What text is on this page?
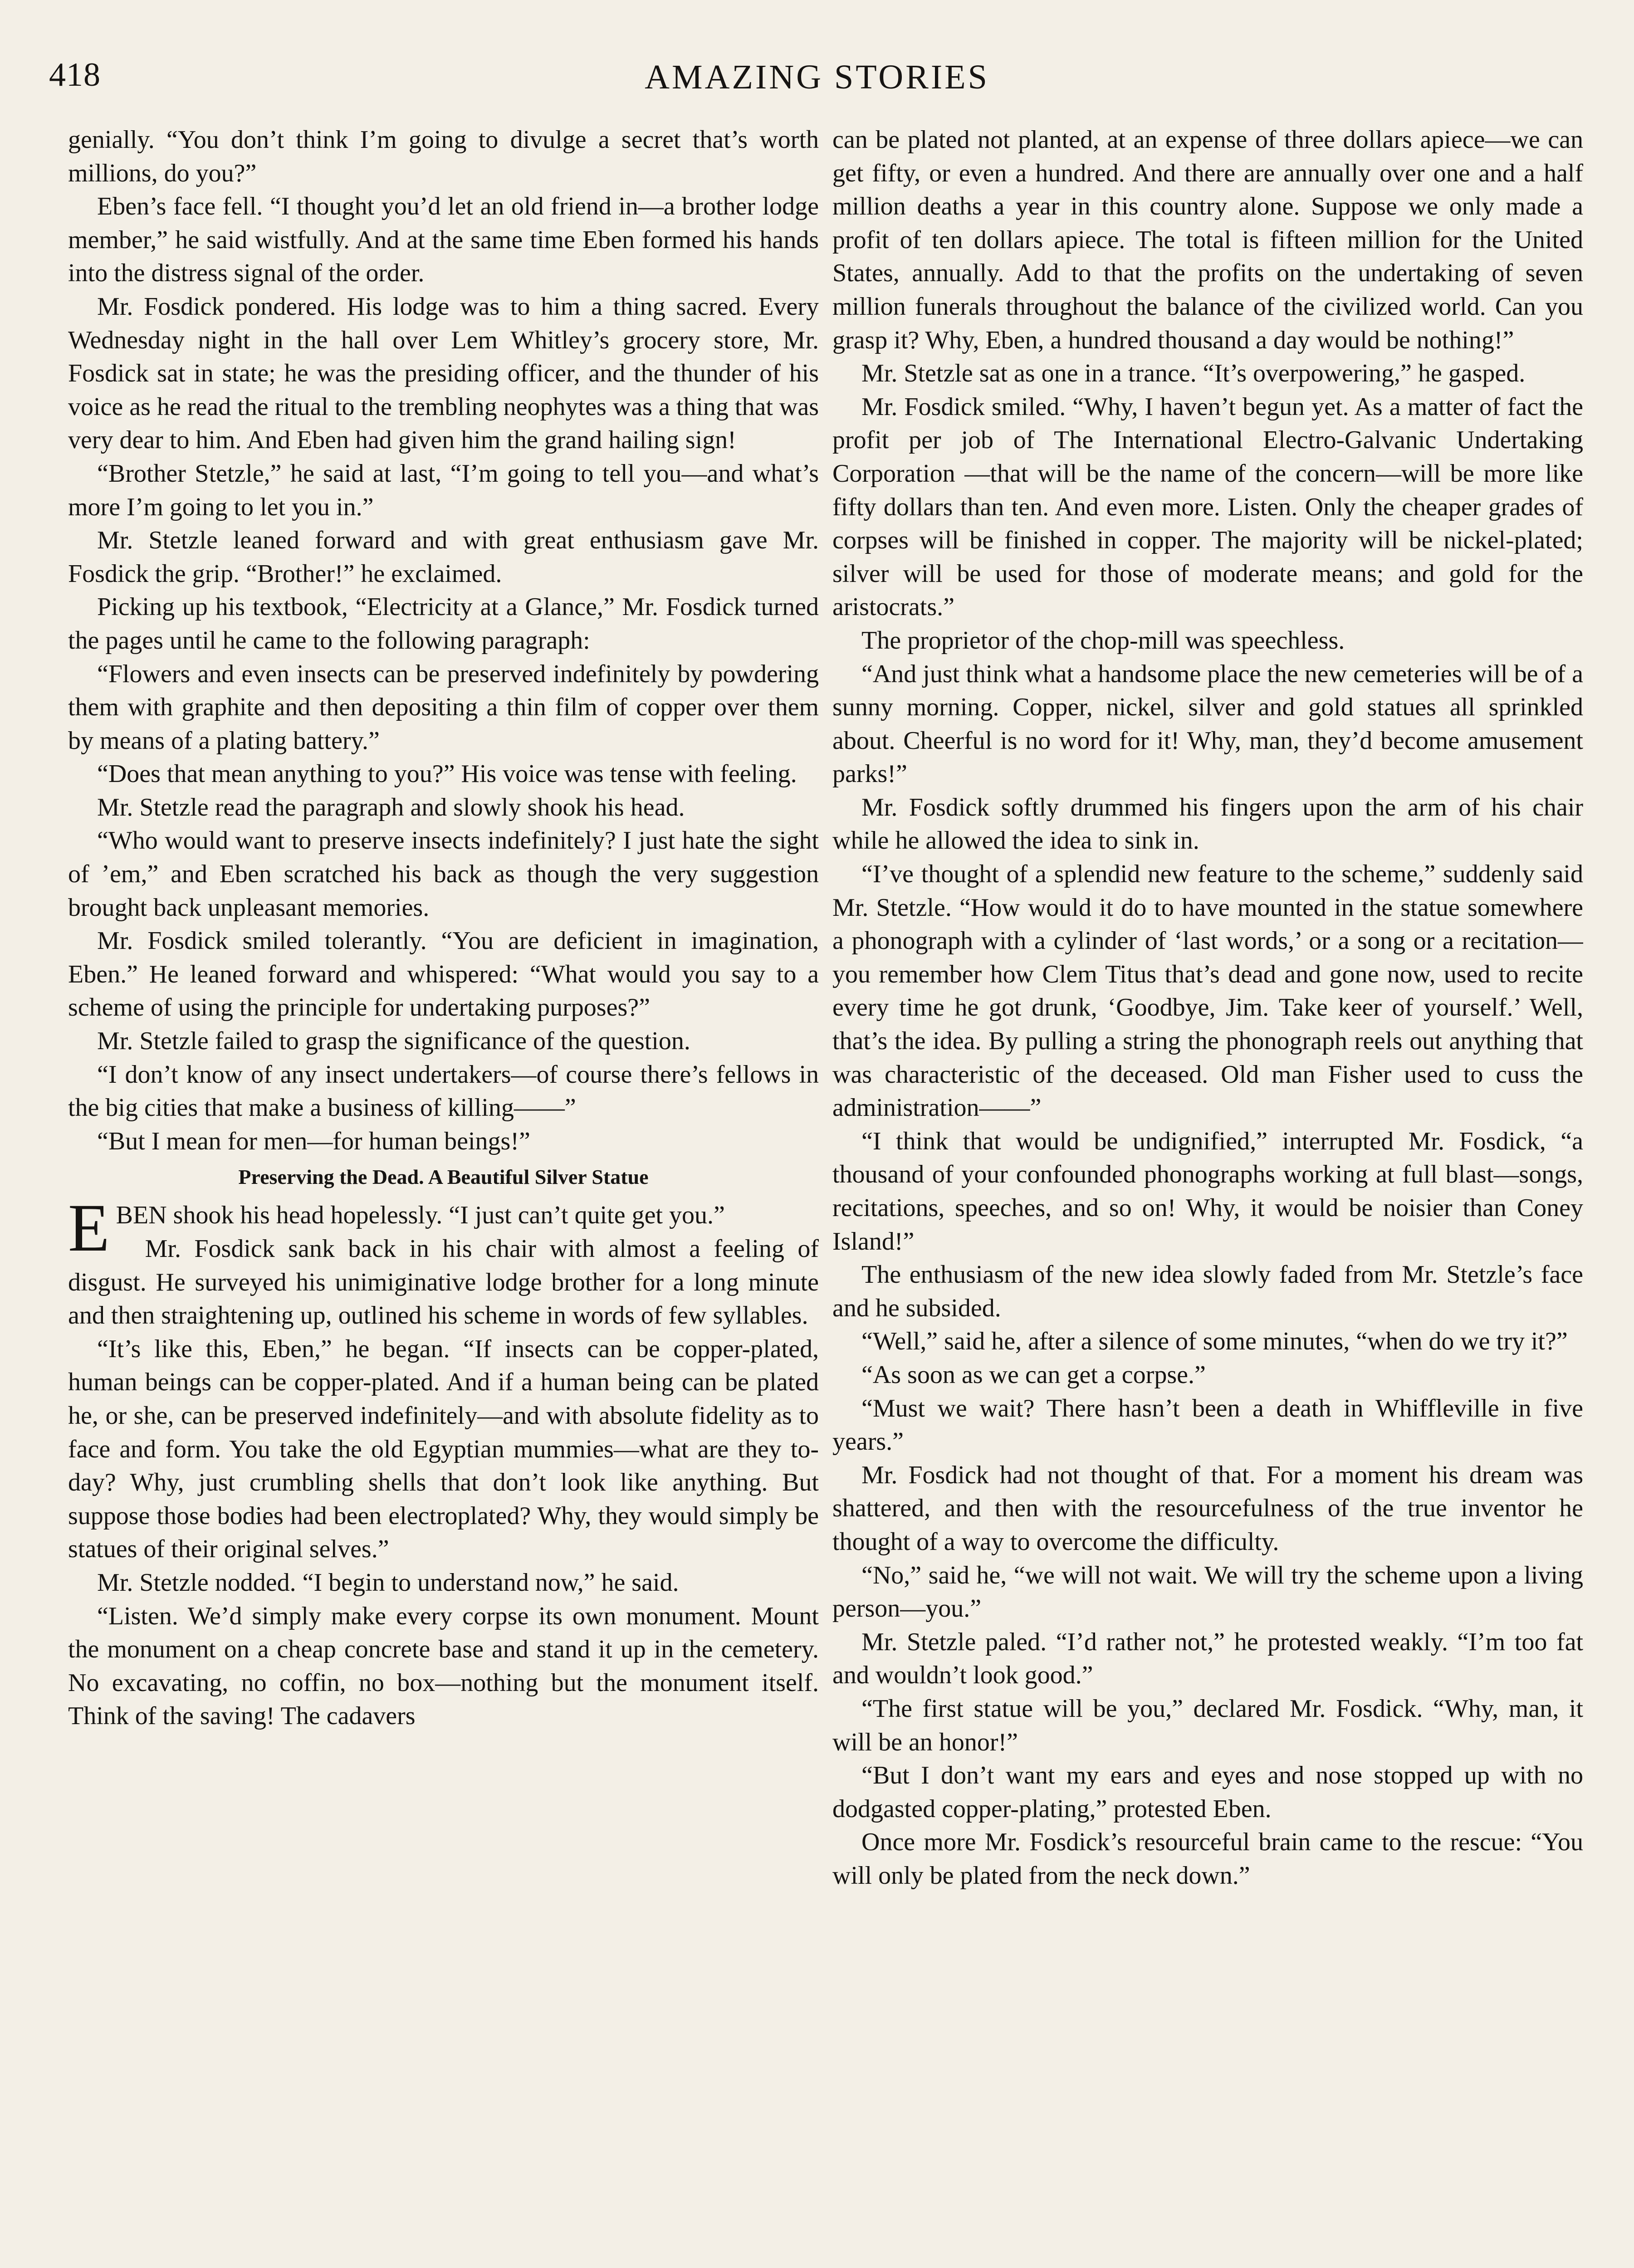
418	AMAZING STORIES

genially. “You don’t think I’m going to divulge a secret that’s worth millions, do you?”

Eben’s face fell. “I thought you’d let an old friend in—a brother lodge member,” he said wistfully. And at the same time Eben formed his hands into the distress signal of the order.

Mr. Fosdick pondered. His lodge was to him a thing sacred. Every Wednesday night in the hall over Lem Whitley’s grocery store, Mr. Fosdick sat in state; he was the presiding officer, and the thunder of his voice as he read the ritual to the trembling neophytes was a thing that was very dear to him. And Eben had given him the grand hailing sign!

“Brother Stetzle,” he said at last, “I’m going to tell you—and what’s more I’m going to let you in.”

Mr. Stetzle leaned forward and with great enthusiasm gave Mr. Fosdick the grip. “Brother!” he exclaimed.

Picking up his textbook, “Electricity at a Glance,” Mr. Fosdick turned the pages until he came to the following paragraph:

“Flowers and even insects can be preserved indefinitely by powdering them with graphite and then depositing a thin film of copper over them by means of a plating battery.”

“Does that mean anything to you?” His voice was tense with feeling.

Mr. Stetzle read the paragraph and slowly shook his head.

“Who would want to preserve insects indefinitely? I just hate the sight of ’em,” and Eben scratched his back as though the very suggestion brought back unpleasant memories.

Mr. Fosdick smiled tolerantly. “You are deficient in imagination, Eben.” He leaned forward and whispered: “What would you say to a scheme of using the principle for undertaking purposes?”

Mr. Stetzle failed to grasp the significance of the question.

“I don’t know of any insect undertakers—of course there’s fellows in the big cities that make a business of killing——”

“But I mean for men—for human beings!”

Preserving the Dead. A Beautiful Silver Statue

EBEN shook his head hopelessly. “I just can’t quite get you.”

Mr. Fosdick sank back in his chair with almost a feeling of disgust. He surveyed his unimiginative lodge brother for a long minute and then straightening up, outlined his scheme in words of few syllables.

“It’s like this, Eben,” he began. “If insects can be copper-plated, human beings can be copper-plated. And if a human being can be plated he, or she, can be preserved indefinitely—and with absolute fidelity as to face and form. You take the old Egyptian mummies—what are they to-day? Why, just crumbling shells that don’t look like anything. But suppose those bodies had been electroplated? Why, they would simply be statues of their original selves.”

Mr. Stetzle nodded. “I begin to understand now,” he said.

“Listen. We’d simply make every corpse its own monument. Mount the monument on a cheap concrete base and stand it up in the cemetery. No excavating, no coffin, no box—nothing but the monument itself. Think of the saving! The cadavers

can be plated not planted, at an expense of three dollars apiece—we can get fifty, or even a hundred. And there are annually over one and a half million deaths a year in this country alone. Suppose we only made a profit of ten dollars apiece. The total is fifteen million for the United States, annually. Add to that the profits on the undertaking of seven million funerals throughout the balance of the civilized world. Can you grasp it? Why, Eben, a hundred thousand a day would be nothing!”

Mr. Stetzle sat as one in a trance. “It’s overpowering,” he gasped.

Mr. Fosdick smiled. “Why, I haven’t begun yet. As a matter of fact the profit per job of The International Electro-Galvanic Undertaking Corporation —that will be the name of the concern—will be more like fifty dollars than ten. And even more. Listen. Only the cheaper grades of corpses will be finished in copper. The majority will be nickel-plated; silver will be used for those of moderate means; and gold for the aristocrats.”

The proprietor of the chop-mill was speechless.

“And just think what a handsome place the new cemeteries will be of a sunny morning. Copper, nickel, silver and gold statues all sprinkled about. Cheerful is no word for it! Why, man, they’d become amusement parks!”

Mr. Fosdick softly drummed his fingers upon the arm of his chair while he allowed the idea to sink in.

“I’ve thought of a splendid new feature to the scheme,” suddenly said Mr. Stetzle. “How would it do to have mounted in the statue somewhere a phonograph with a cylinder of ‘last words,’ or a song or a recitation—you remember how Clem Titus that’s dead and gone now, used to recite every time he got drunk, ‘Goodbye, Jim. Take keer of yourself.’ Well, that’s the idea. By pulling a string the phonograph reels out anything that was characteristic of the deceased. Old man Fisher used to cuss the administration——”

“I think that would be undignified,” interrupted Mr. Fosdick, “a thousand of your confounded phonographs working at full blast—songs, recitations, speeches, and so on! Why, it would be noisier than Coney Island!”

The enthusiasm of the new idea slowly faded from Mr. Stetzle’s face and he subsided.

“Well,” said he, after a silence of some minutes, “when do we try it?”

“As soon as we can get a corpse.”

“Must we wait? There hasn’t been a death in Whiffleville in five years.”

Mr. Fosdick had not thought of that. For a moment his dream was shattered, and then with the resourcefulness of the true inventor he thought of a way to overcome the difficulty.

“No,” said he, “we will not wait. We will try the scheme upon a living person—you.”

Mr. Stetzle paled. “I’d rather not,” he protested weakly. “I’m too fat and wouldn’t look good.”

“The first statue will be you,” declared Mr. Fosdick. “Why, man, it will be an honor!”

“But I don’t want my ears and eyes and nose stopped up with no dodgasted copper-plating,” protested Eben.

Once more Mr. Fosdick’s resourceful brain came to the rescue: “You will only be plated from the neck down.”
